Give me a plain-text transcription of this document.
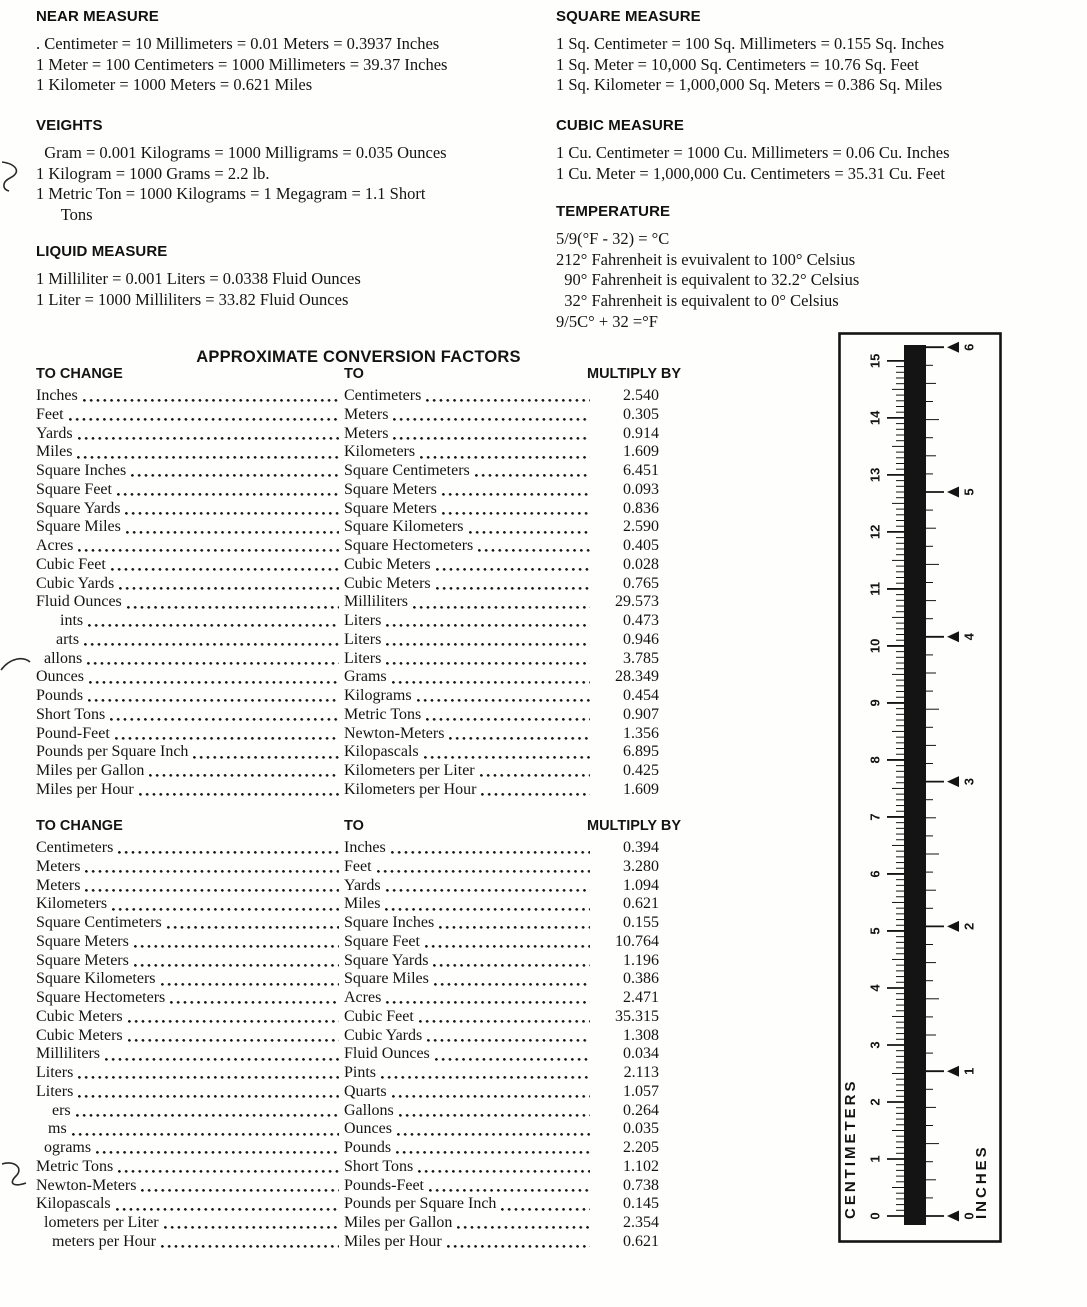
NEAR MEASURE
. Centimeter = 10 Millimeters = 0.01 Meters = 0.3937 Inches
1 Meter = 100 Centimeters = 1000 Millimeters = 39.37 Inches
1 Kilometer = 1000 Meters = 0.621 Miles
VEIGHTS
Gram = 0.001 Kilograms = 1000 Milligrams = 0.035 Ounces
1 Kilogram = 1000 Grams = 2.2 lb.
1 Metric Ton = 1000 Kilograms = 1 Megagram = 1.1 Short
Tons
LIQUID MEASURE
1 Milliliter = 0.001 Liters = 0.0338 Fluid Ounces
1 Liter = 1000 Milliliters = 33.82 Fluid Ounces
SQUARE MEASURE
1 Sq. Centimeter = 100 Sq. Millimeters = 0.155 Sq. Inches
1 Sq. Meter = 10,000 Sq. Centimeters = 10.76 Sq. Feet
1 Sq. Kilometer = 1,000,000 Sq. Meters = 0.386 Sq. Miles
CUBIC MEASURE
1 Cu. Centimeter = 1000 Cu. Millimeters = 0.06 Cu. Inches
1 Cu. Meter = 1,000,000 Cu. Centimeters = 35.31 Cu. Feet
TEMPERATURE
5/9(°F - 32) = °C
212° Fahrenheit is evuivalent to 100° Celsius
90° Fahrenheit is equivalent to 32.2° Celsius
32° Fahrenheit is equivalent to 0° Celsius
9/5C° + 32 =°F
APPROXIMATE CONVERSION FACTORS
TO CHANGE	TO	MULTIPLY BY
Inches	Centimeters	2.540
Feet	Meters	0.305
Yards	Meters	0.914
Miles	Kilometers	1.609
Square Inches	Square Centimeters	6.451
Square Feet	Square Meters	0.093
Square Yards	Square Meters	0.836
Square Miles	Square Kilometers	2.590
Acres	Square Hectometers	0.405
Cubic Feet	Cubic Meters	0.028
Cubic Yards	Cubic Meters	0.765
Fluid Ounces	Milliliters	29.573
ints	Liters	0.473
arts	Liters	0.946
allons	Liters	3.785
Ounces	Grams	28.349
Pounds	Kilograms	0.454
Short Tons	Metric Tons	0.907
Pound-Feet	Newton-Meters	1.356
Pounds per Square Inch	Kilopascals	6.895
Miles per Gallon	Kilometers per Liter	0.425
Miles per Hour	Kilometers per Hour	1.609
TO CHANGE	TO	MULTIPLY BY
Centimeters	Inches	0.394
Meters	Feet	3.280
Meters	Yards	1.094
Kilometers	Miles	0.621
Square Centimeters	Square Inches	0.155
Square Meters	Square Feet	10.764
Square Meters	Square Yards	1.196
Square Kilometers	Square Miles	0.386
Square Hectometers	Acres	2.471
Cubic Meters	Cubic Feet	35.315
Cubic Meters	Cubic Yards	1.308
Milliliters	Fluid Ounces	0.034
Liters	Pints	2.113
Liters	Quarts	1.057
ers	Gallons	0.264
ms	Ounces	0.035
ograms	Pounds	2.205
Metric Tons	Short Tons	1.102
Newton-Meters	Pounds-Feet	0.738
Kilopascals	Pounds per Square Inch	0.145
lometers per Liter	Miles per Gallon	2.354
meters per Hour	Miles per Hour	0.621
0
1
2
3
4
5
6
7
8
9
10
11
12
13
14
15
0
1
2
3
4
5
6
CENTIMETERS	INCHES
